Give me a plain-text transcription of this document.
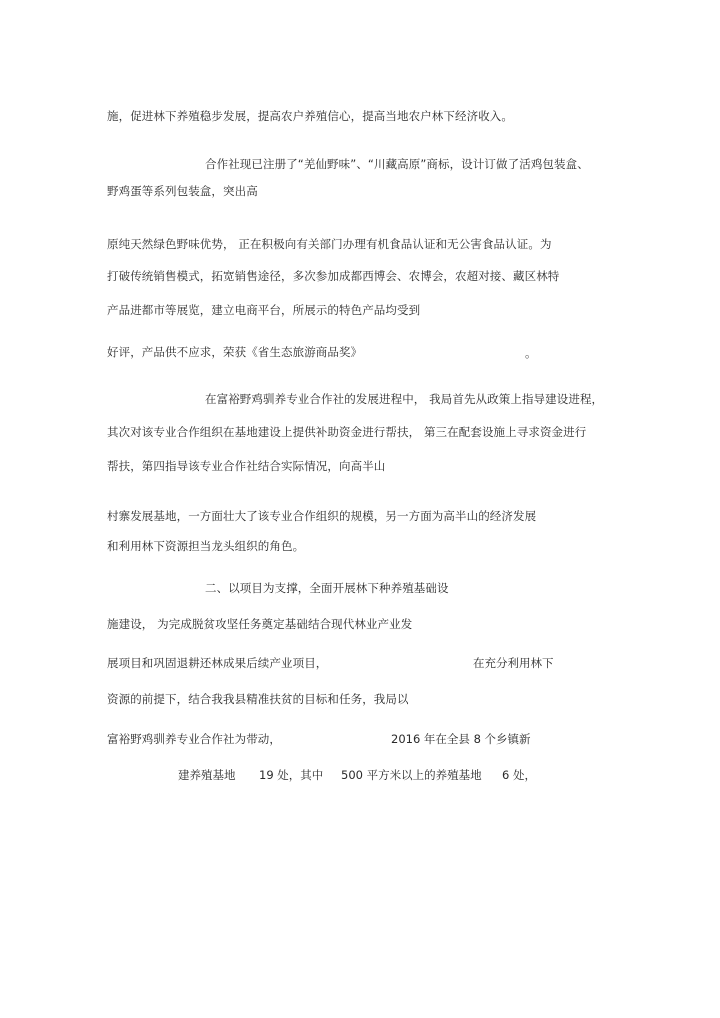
施，促进林下养殖稳步发展，提高农户养殖信心，提高当地农户林下经济收入。

合作社现已注册了“羌仙野味”、“川藏高原”商标，设计订做了活鸡包装盒、

野鸡蛋等系列包装盒，突出高

原纯天然绿色野味优势， 正在积极向有关部门办理有机食品认证和无公害食品认证。为

打破传统销售模式，拓宽销售途径，多次参加成都西博会、农博会，农超对接、藏区林特

产品进都市等展览，建立电商平台，所展示的特色产品均受到

好评，产品供不应求，荣获《省生态旅游商品奖》	。

在富裕野鸡驯养专业合作社的发展进程中， 我局首先从政策上指导建设进程，

其次对该专业合作组织在基地建设上提供补助资金进行帮扶， 第三在配套设施上寻求资金进行

帮扶，第四指导该专业合作社结合实际情况，向高半山

村寨发展基地，一方面壮大了该专业合作组织的规模，另一方面为高半山的经济发展

和利用林下资源担当龙头组织的角色。

二、以项目为支撑，全面开展林下种养殖基础设

施建设， 为完成脱贫攻坚任务奠定基础结合现代林业产业发

展项目和巩固退耕还林成果后续产业项目，	在充分利用林下

资源的前提下，结合我我县精准扶贫的目标和任务，我局以

富裕野鸡驯养专业合作社为带动，	2016 年在全县 8 个乡镇新

建养殖基地 19 处，其中 500 平方米以上的养殖基地 6 处，
